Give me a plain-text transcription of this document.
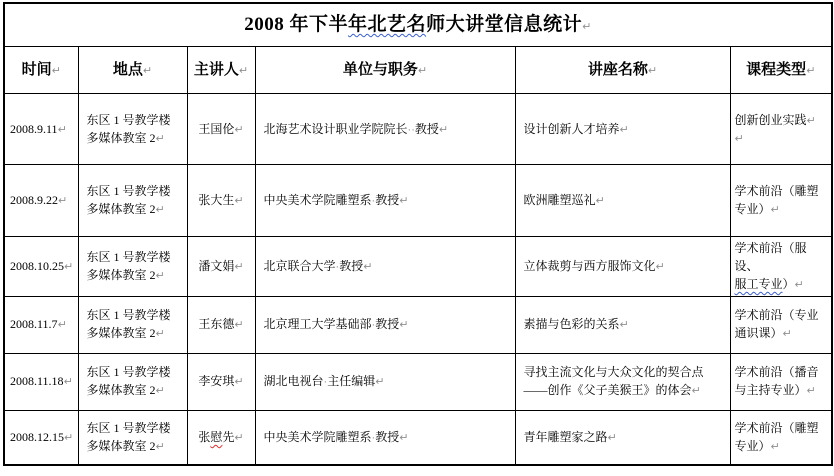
2008 年下半年北艺名师大讲堂信息统计↵					
时间↵	地点↵	主讲人↵	单位与职务↵	讲座名称↵	课程类型↵
2008.9.11↵	东区 1 号教学楼
多媒体教室 2↵	王国伦↵	北海艺术设计职业学院院长··教授↵	设计创新人才培养↵	创新创业实践↵
↵
2008.9.22↵	东区 1 号教学楼
多媒体教室 2↵	张大生↵	中央美术学院雕塑系·教授↵	欧洲雕塑巡礼↵	学术前沿（雕塑
专业）↵
2008.10.25↵	东区 1 号教学楼
多媒体教室 2↵	潘文娟↵	北京联合大学·教授↵	立体裁剪与西方服饰文化↵	学术前沿（服设、
服工专业）↵
2008.11.7↵	东区 1 号教学楼
多媒体教室 2↵	王东德↵	北京理工大学基础部·教授↵	素描与色彩的关系↵	学术前沿（专业
通识课）↵
2008.11.18↵	东区 1 号教学楼
多媒体教室 2↵	李安琪↵	湖北电视台·主任编辑↵	寻找主流文化与大众文化的契合点
——创作《父子美猴王》的体会↵	学术前沿（播音
与主持专业）↵
2008.12.15↵	东区 1 号教学楼
多媒体教室 2↵	张慰先↵	中央美术学院雕塑系·教授↵	青年雕塑家之路↵	学术前沿（雕塑
专业）↵
